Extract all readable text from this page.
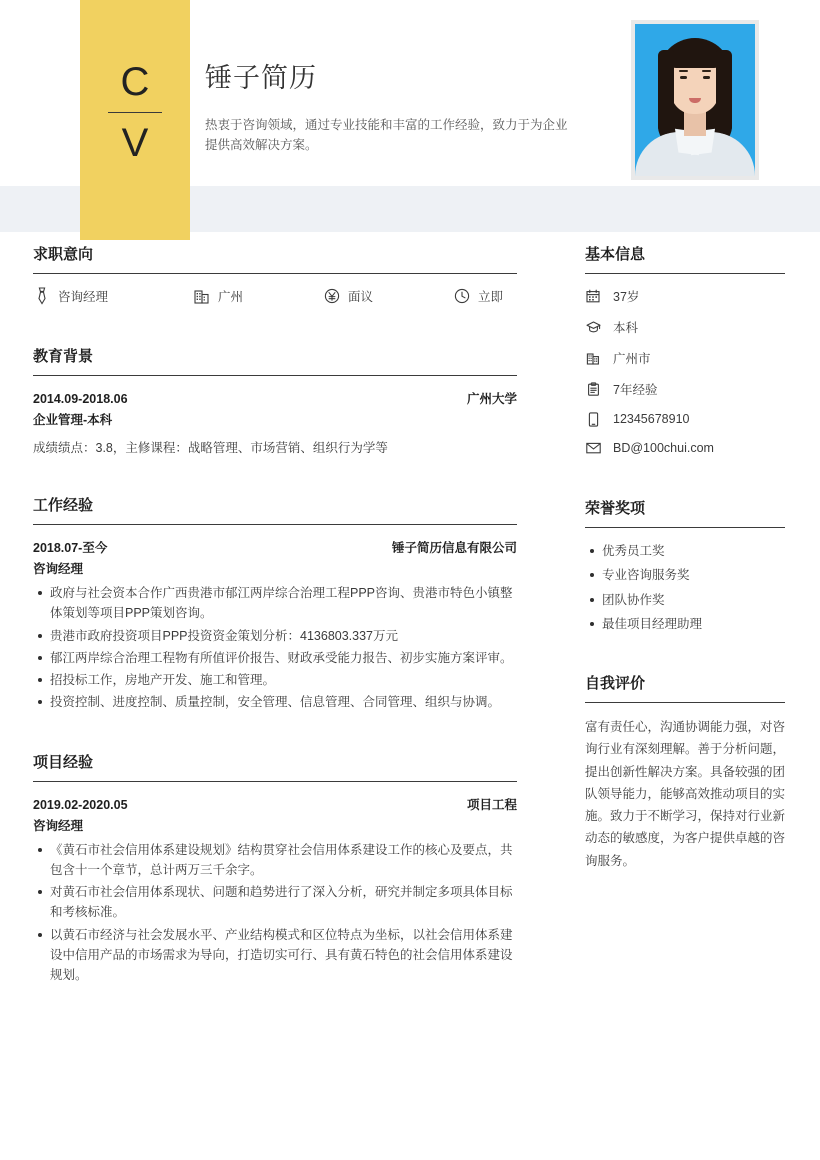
C
V
锤子简历

热衷于咨询领域，通过专业技能和丰富的工作经验，致力于为企业提供高效解决方案。

求职意向
咨询经理	广州	面议	立即
教育背景
2014.09-2018.06	广州大学
企业管理-本科
成绩绩点：3.8，主修课程：战略管理、市场营销、组织行为学等
工作经验
2018.07-至今	锤子简历信息有限公司
咨询经理
政府与社会资本合作广西贵港市郁江两岸综合治理工程PPP咨询、贵港市特色小镇整体策划等项目PPP策划咨询。
贵港市政府投资项目PPP投资资金策划分析：4136803.337万元
郁江两岸综合治理工程物有所值评价报告、财政承受能力报告、初步实施方案评审。
招投标工作，房地产开发、施工和管理。
投资控制、进度控制、质量控制，安全管理、信息管理、合同管理、组织与协调。
项目经验
2019.02-2020.05	项目工程
咨询经理
《黄石市社会信用体系建设规划》结构贯穿社会信用体系建设工作的核心及要点，共包含十一个章节，总计两万三千余字。
对黄石市社会信用体系现状、问题和趋势进行了深入分析，研究并制定多项具体目标和考核标准。
以黄石市经济与社会发展水平、产业结构模式和区位特点为坐标，以社会信用体系建设中信用产品的市场需求为导向，打造切实可行、具有黄石特色的社会信用体系建设规划。
基本信息
37岁
本科
广州市
7年经验
12345678910
BD@100chui.com
荣誉奖项
优秀员工奖
专业咨询服务奖
团队协作奖
最佳项目经理助理
自我评价

富有责任心，沟通协调能力强，对咨询行业有深刻理解。善于分析问题，提出创新性解决方案。具备较强的团队领导能力，能够高效推动项目的实施。致力于不断学习，保持对行业新动态的敏感度，为客户提供卓越的咨询服务。
